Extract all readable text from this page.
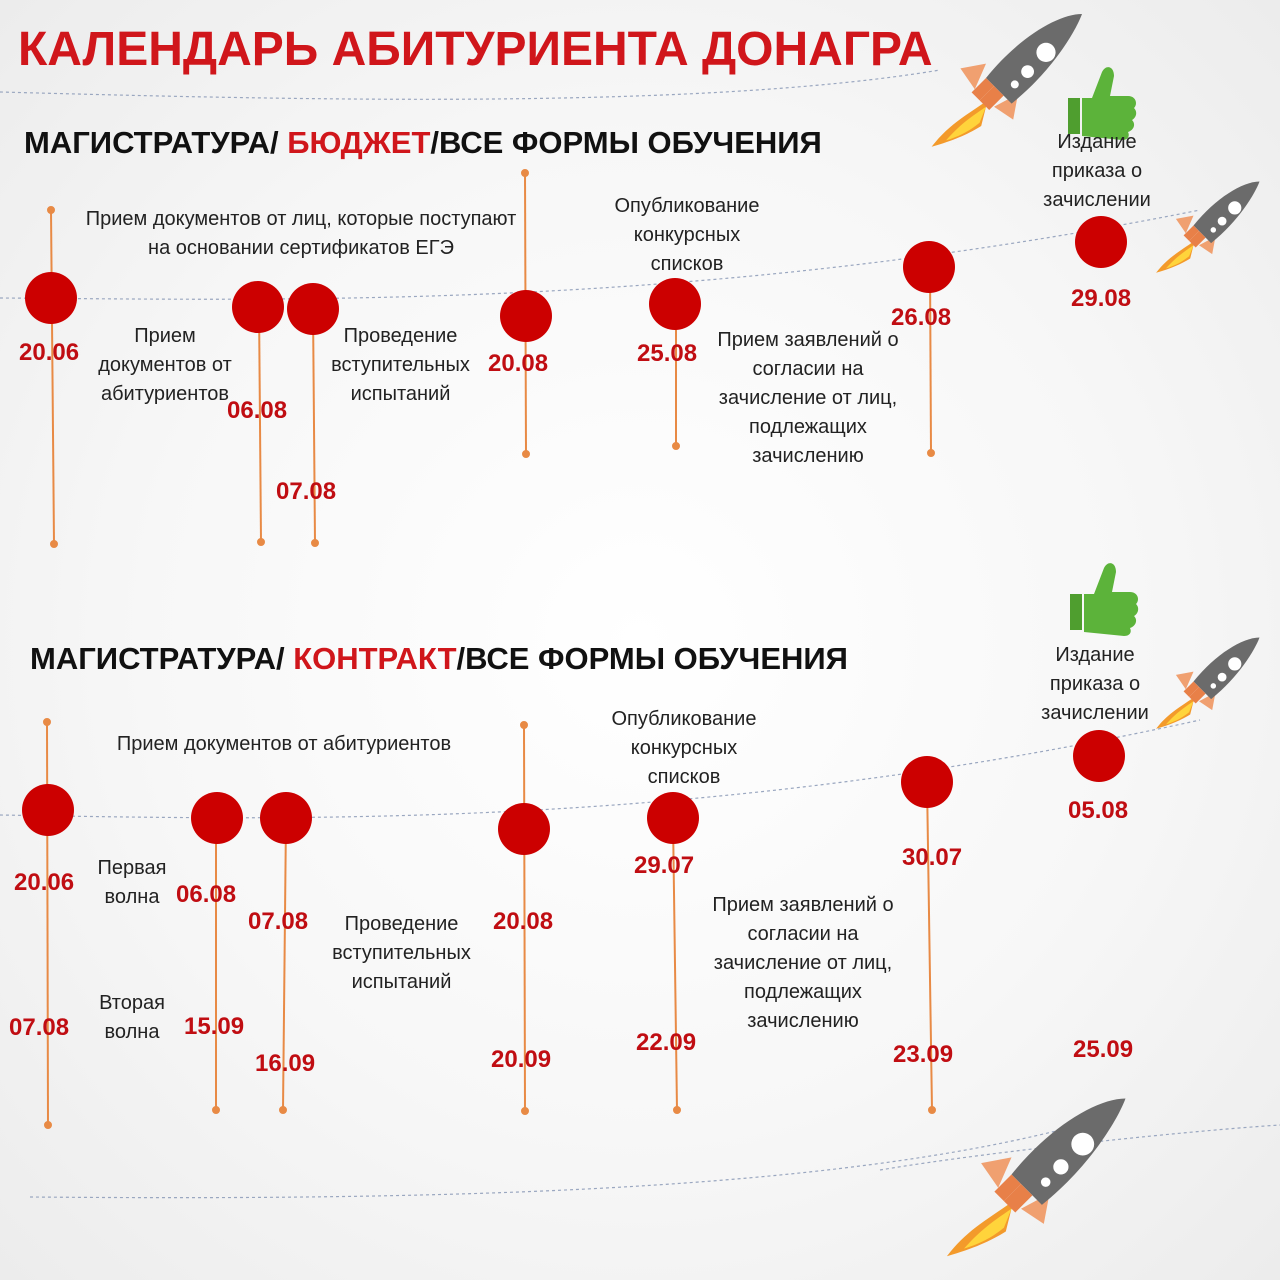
КАЛЕНДАРЬ АБИТУРИЕНТА ДОНАГРА
МАГИСТРАТУРА/ БЮДЖЕТ/ВСЕ ФОРМЫ ОБУЧЕНИЯ
Прием документов от лиц, которые поступают на основании сертификатов ЕГЭ
Прием документов от абитуриентов
Проведение вступительных испытаний
Опубликование конкурсных списков
Прием заявлений о согласии на зачисление от лиц, подлежащих зачислению
Издание приказа о зачислении
20.06
06.08
07.08
20.08	25.08
26.08
29.08
МАГИСТРАТУРА/ КОНТРАКТ/ВСЕ ФОРМЫ ОБУЧЕНИЯ
Прием документов от абитуриентов
Первая волна
Вторая волна
Проведение вступительных испытаний
Опубликование конкурсных списков
Прием заявлений о согласии на зачисление от лиц, подлежащих зачислению
Издание приказа о зачислении
20.06
07.08
06.08
15.09
07.08
16.09
20.08
20.09
29.07
22.09
30.07
23.09
05.08
25.09
